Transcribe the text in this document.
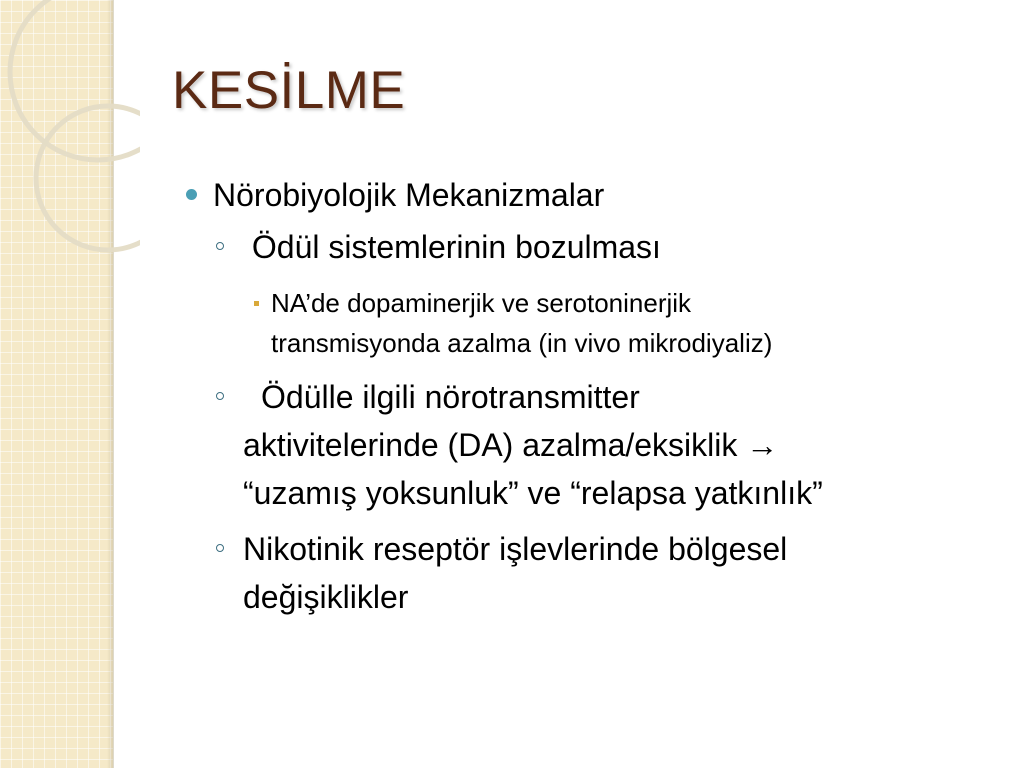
KESİLME
Nörobiyolojik Mekanizmalar
Ödül sistemlerinin bozulması
NA’de dopaminerjik ve serotoninerjik
transmisyonda azalma (in vivo mikrodiyaliz)
Ödülle ilgili nörotransmitter
aktivitelerinde (DA) azalma/eksiklik →
“uzamış yoksunluk” ve “relapsa yatkınlık”
Nikotinik reseptör işlevlerinde bölgesel
değişiklikler
